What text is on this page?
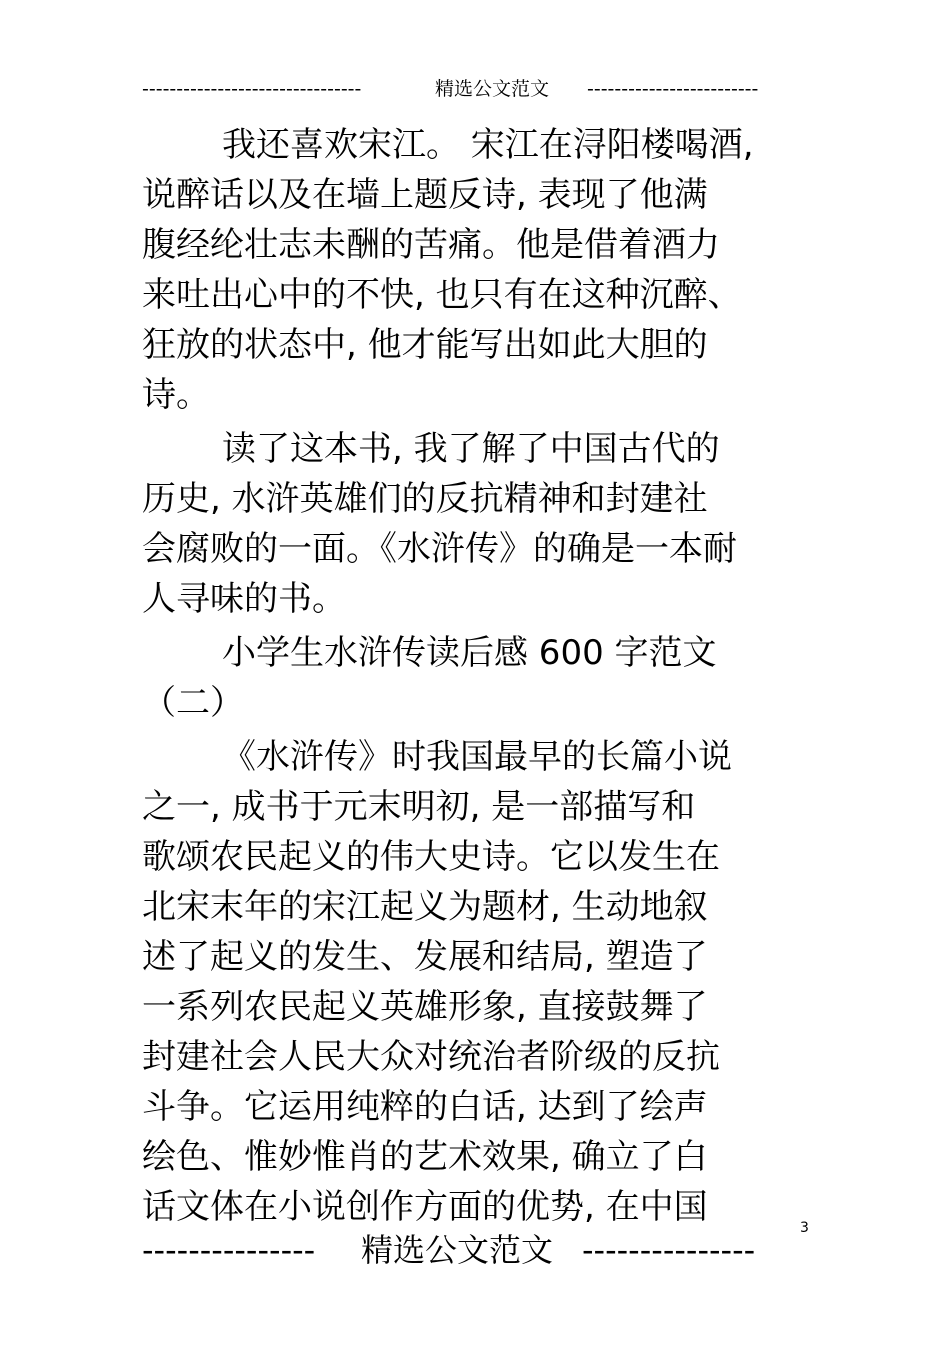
--------------------------------	精选公文范文 -------------------------
我还喜欢宋江。 宋江在浔阳楼喝酒,
说醉话以及在墙上题反诗, 表现了他满
腹经纶壮志未酬的苦痛。他是借着酒力
来吐出心中的不快, 也只有在这种沉醉、
狂放的状态中, 他才能写出如此大胆的
诗。
读了这本书, 我了解了中国古代的
历史, 水浒英雄们的反抗精神和封建社
会腐败的一面。《水浒传》的确是一本耐
人寻味的书。
小学生水浒传读后感 600 字范文
（二）
《水浒传》时我国最早的长篇小说
之一, 成书于元末明初, 是一部描写和
歌颂农民起义的伟大史诗。它以发生在
北宋末年的宋江起义为题材, 生动地叙
述了起义的发生、发展和结局, 塑造了
一系列农民起义英雄形象, 直接鼓舞了
封建社会人民大众对统治者阶级的反抗
斗争。它运用纯粹的白话, 达到了绘声
绘色、惟妙惟肖的艺术效果, 确立了白
话文体在小说创作方面的优势, 在中国
3
---------------	精选公文范文 ---------------
